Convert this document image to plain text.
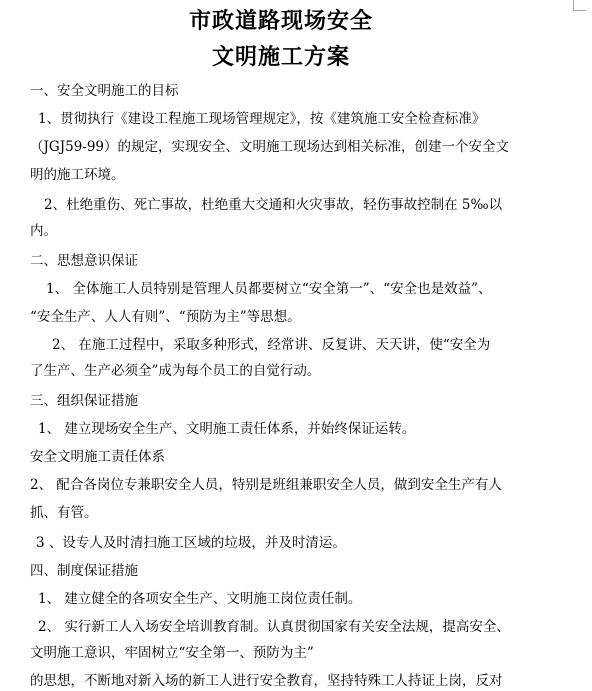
市政道路现场安全
文明施工方案
一、安全文明施工的目标
1、贯彻执行《建设工程施工现场管理规定》，按《建筑施工安全检查标准》
（JGJ59-99）的规定，实现安全、文明施工现场达到相关标准，创建一个安全文
明的施工环境。
2、杜绝重伤、死亡事故，杜绝重大交通和火灾事故，轻伤事故控制在 5‰以
内。
二、思想意识保证
1、 全体施工人员特别是管理人员都要树立“安全第一”、“安全也是效益”、
“安全生产、人人有则”、“预防为主”等思想。
2、 在施工过程中，采取多种形式，经常讲、反复讲、天天讲，使“安全为
了生产、生产必须全”成为每个员工的自觉行动。
三、组织保证措施
1、 建立现场安全生产、文明施工责任体系，并始终保证运转。
安全文明施工责任体系
2、 配合各岗位专兼职安全人员，特别是班组兼职安全人员，做到安全生产有人
抓、有管。
3 、设专人及时清扫施工区域的垃圾，并及时清运。
四、制度保证措施
1、 建立健全的各项安全生产、文明施工岗位责任制。
2、 实行新工人入场安全培训教育制。认真贯彻国家有关安全法规，提高安全、
文明施工意识，牢固树立“安全第一、预防为主”
的思想，不断地对新入场的新工人进行安全教育，坚持特殊工人持证上岗，反对
